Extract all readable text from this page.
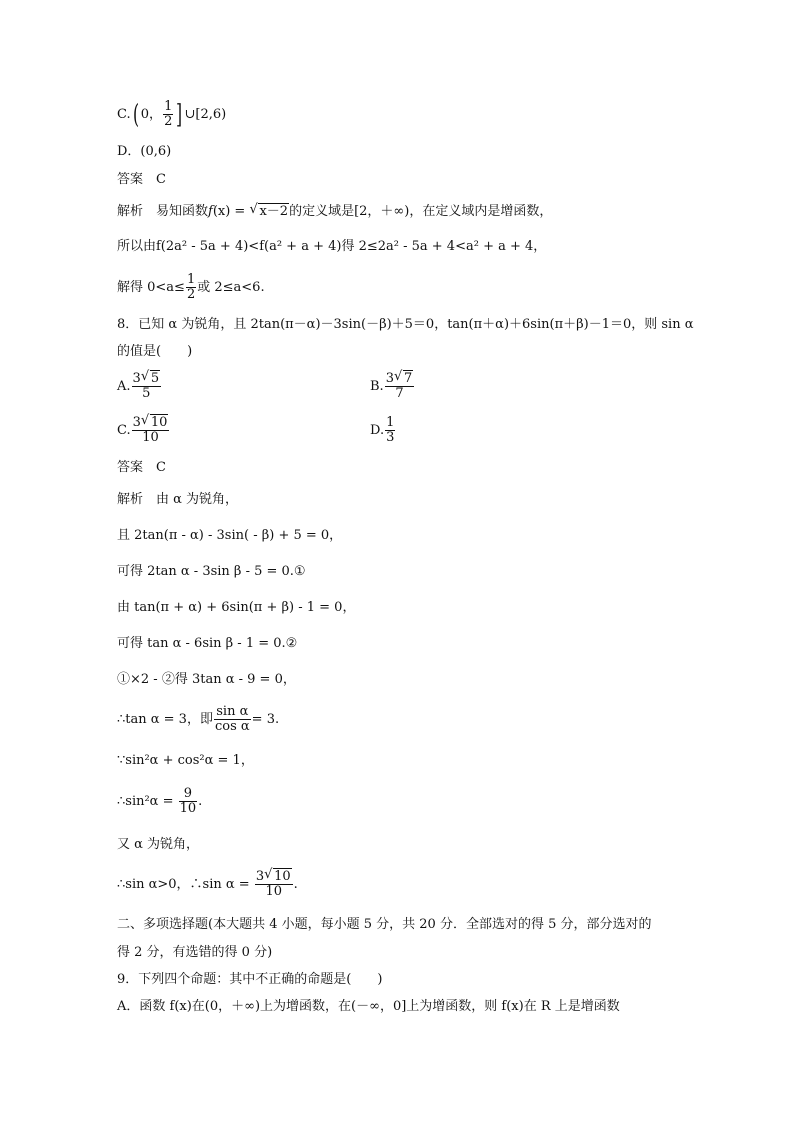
C.( 0， $\frac{1}{2}$ ] ∪[2,6)
D．(0,6)
答案　C
解析　易知函数f(x) = √ x－2的定义域是[2，＋∞)，在定义域内是增函数，
所以由f(2a² - 5a + 4)<f(a² + a + 4)得 2≤2a² - 5a + 4<a² + a + 4，
解得 $0<a\le \frac{1}{2}$ 或 2≤a<6.
8．已知 α 为锐角，且 2tan(π－α)－3sin(－β)＋5＝0，tan(π＋α)＋6sin(π＋β)－1＝0，则 sin α
的值是(　　)
A. $\frac{3 √ 5}{5}$	B. $\frac{3 √ 7}{7}$
C. $\frac{3 √ 10}{10}$	D. $\frac{1}{3}$
答案　C
解析　由 α 为锐角，
且 2tan(π - α) - 3sin( - β) + 5 = 0，
可得 2tan α - 3sin β - 5 = 0.①
由 tan(π + α) + 6sin(π + β) - 1 = 0，
可得 tan α - 6sin β - 1 = 0.②
①×2 - ②得 3tan α - 9 = 0，
∴tan α = 3，即 $\frac{\text{sin α}}{\text{cos α}} = 3$.
∵sin²α + cos²α = 1，
∴sin²α = $\frac{9}{10}$ .
又 α 为锐角，
∴sin α>0，∴sin $\alpha = \frac{3 √ 10}{10}$ .
二、多项选择题(本大题共 4 小题，每小题 5 分，共 20 分．全部选对的得 5 分，部分选对的
得 2 分，有选错的得 0 分)
9．下列四个命题：其中不正确的命题是(　　)
A．函数 f(x)在(0，＋∞)上为增函数，在(－∞，0]上为增函数，则 f(x)在 R 上是增函数
